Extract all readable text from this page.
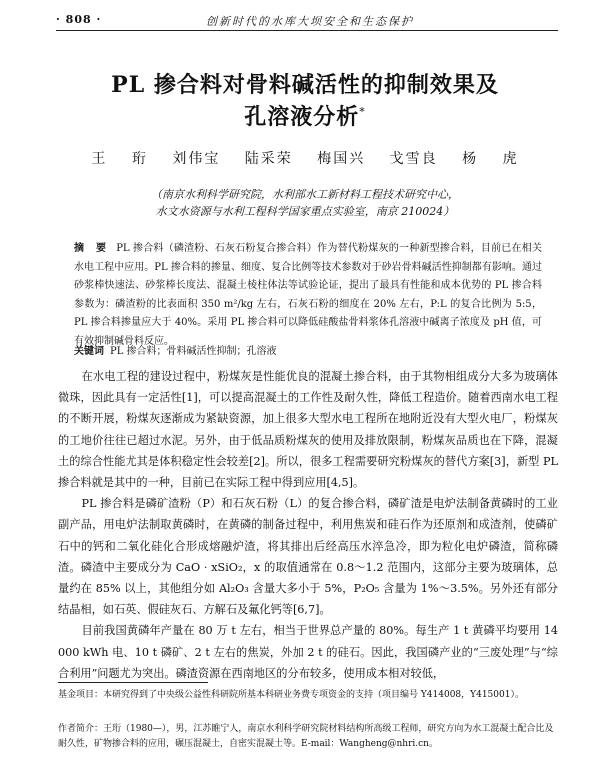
· 808 ·	创新时代的水库大坝安全和生态保护
PL 掺合料对骨料碱活性的抑制效果及
孔溶液分析*
王 珩 刘伟宝 陆采荣 梅国兴 戈雪良 杨 虎
（南京水利科学研究院，水利部水工新材料工程技术研究中心，
水文水资源与水利工程科学国家重点实验室，南京 210024）
摘 要 PL 掺合料（磷渣粉、石灰石粉复合掺合料）作为替代粉煤灰的一种新型掺合料，目前已在相关水电工程中应用。PL 掺合料的掺量、细度、复合比例等技术参数对于砂岩骨料碱活性抑制都有影响。通过砂浆棒快速法、砂浆棒长度法、混凝土棱柱体法等试验论证，提出了最具有性能和成本优势的 PL 掺合料参数为：磷渣粉的比表面积 350 m²/kg 左右，石灰石粉的细度在 20% 左右，P:L 的复合比例为 5:5，PL 掺合料掺量应大于 40%。采用 PL 掺合料可以降低硅酸盐骨料浆体孔溶液中碱离子浓度及 pH 值，可有效抑制碱骨料反应。
关键词 PL 掺合料；骨料碱活性抑制；孔溶液

在水电工程的建设过程中，粉煤灰是性能优良的混凝土掺合料，由于其物相组成分大多为玻璃体微珠，因此具有一定活性[1]，可以提高混凝土的工作性及耐久性，降低工程造价。随着西南水电工程的不断开展，粉煤灰逐渐成为紧缺资源，加上很多大型水电工程所在地附近没有大型火电厂，粉煤灰的工地价往往已超过水泥。另外，由于低品质粉煤灰的使用及排放限制，粉煤灰品质也在下降，混凝土的综合性能尤其是体积稳定性会较差[2]。所以，很多工程需要研究粉煤灰的替代方案[3]，新型 PL 掺合料就是其中的一种，目前已在实际工程中得到应用[4,5]。

PL 掺合料是磷矿渣粉（P）和石灰石粉（L）的复合掺合料，磷矿渣是电炉法制备黄磷时的工业副产品，用电炉法制取黄磷时，在黄磷的制备过程中，利用焦炭和硅石作为还原剂和成渣剂，使磷矿石中的钙和二氧化硅化合形成熔融炉渣，将其排出后经高压水淬急冷，即为粒化电炉磷渣，简称磷渣。磷渣中主要成分为 CaO · xSiO₂，x 的取值通常在 0.8～1.2 范围内，这部分主要为玻璃体，总量约在 85% 以上，其他组分如 Al₂O₃ 含量大多小于 5%，P₂O₅ 含量为 1%～3.5%。另外还有部分结晶相，如石英、假硅灰石、方解石及氟化钙等[6,7]。

目前我国黄磷年产量在 80 万 t 左右，相当于世界总产量的 80%。每生产 1 t 黄磷平均要用 14 000 kWh 电、10 t 磷矿、2 t 左右的焦炭，外加 2 t 的硅石。因此，我国磷产业的“三废处理”与“综合利用”问题尤为突出。磷渣资源在西南地区的分布较多，使用成本相对较低，

基金项目：本研究得到了中央级公益性科研院所基本科研业务费专项资金的支持（项目编号 Y414008，Y415001）。
作者简介：王珩（1980—），男，江苏睢宁人，南京水利科学研究院材料结构所高级工程师，研究方向为水工混凝土配合比及耐久性，矿物掺合料的应用，碾压混凝土，自密实混凝土等。E-mail：Wangheng@nhri.cn。
